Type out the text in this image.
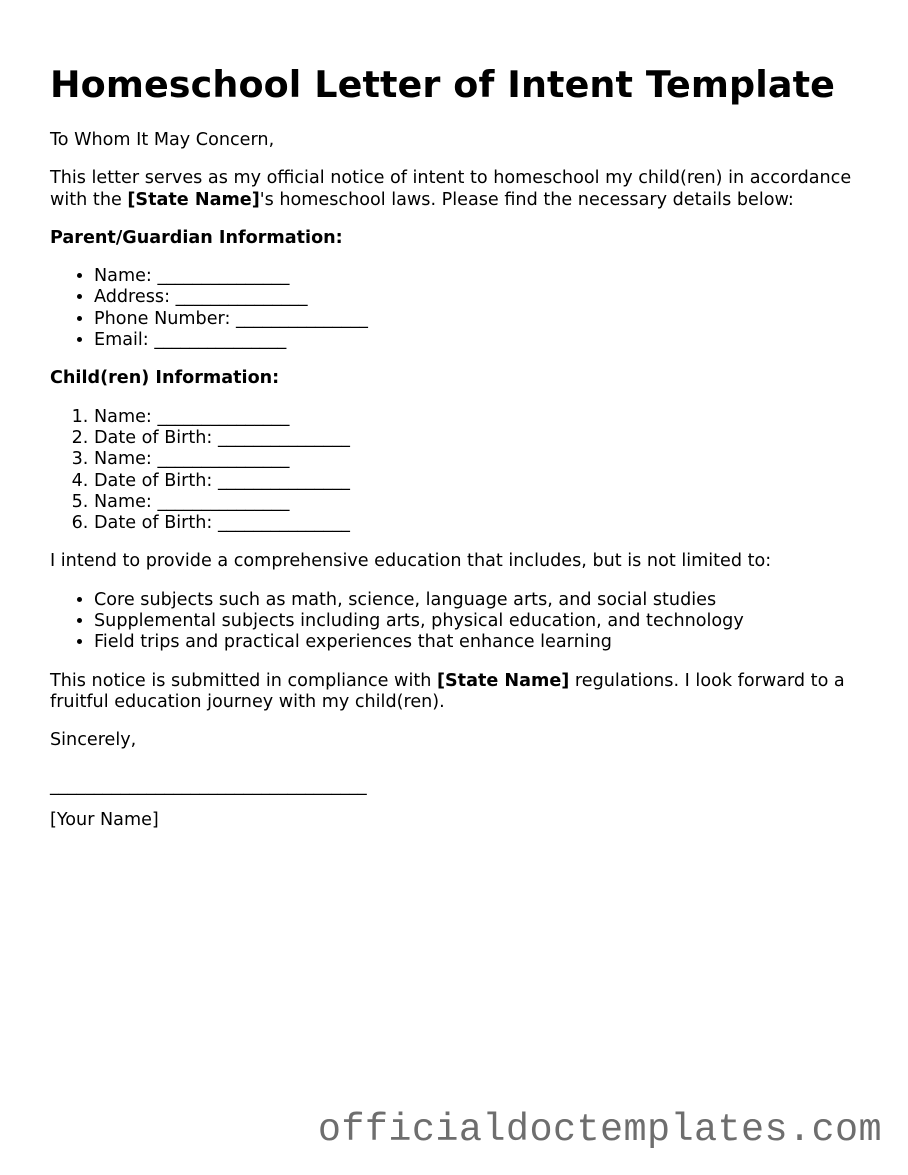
Homeschool Letter of Intent Template

To Whom It May Concern,

This letter serves as my official notice of intent to homeschool my child(ren) in accordance with the [State Name]'s homeschool laws. Please find the necessary details below:

Parent/Guardian Information:
• Name: _______________
• Address: _______________
• Phone Number: _______________
• Email: _______________
Child(ren) Information:
1. Name: _______________
2. Date of Birth: _______________
3. Name: _______________
4. Date of Birth: _______________
5. Name: _______________
6. Date of Birth: _______________

I intend to provide a comprehensive education that includes, but is not limited to:

• Core subjects such as math, science, language arts, and social studies
• Supplemental subjects including arts, physical education, and technology
• Field trips and practical experiences that enhance learning

This notice is submitted in compliance with [State Name] regulations. I look forward to a fruitful education journey with my child(ren).

Sincerely,

____________________________________

[Your Name]

officialdoctemplates.com
